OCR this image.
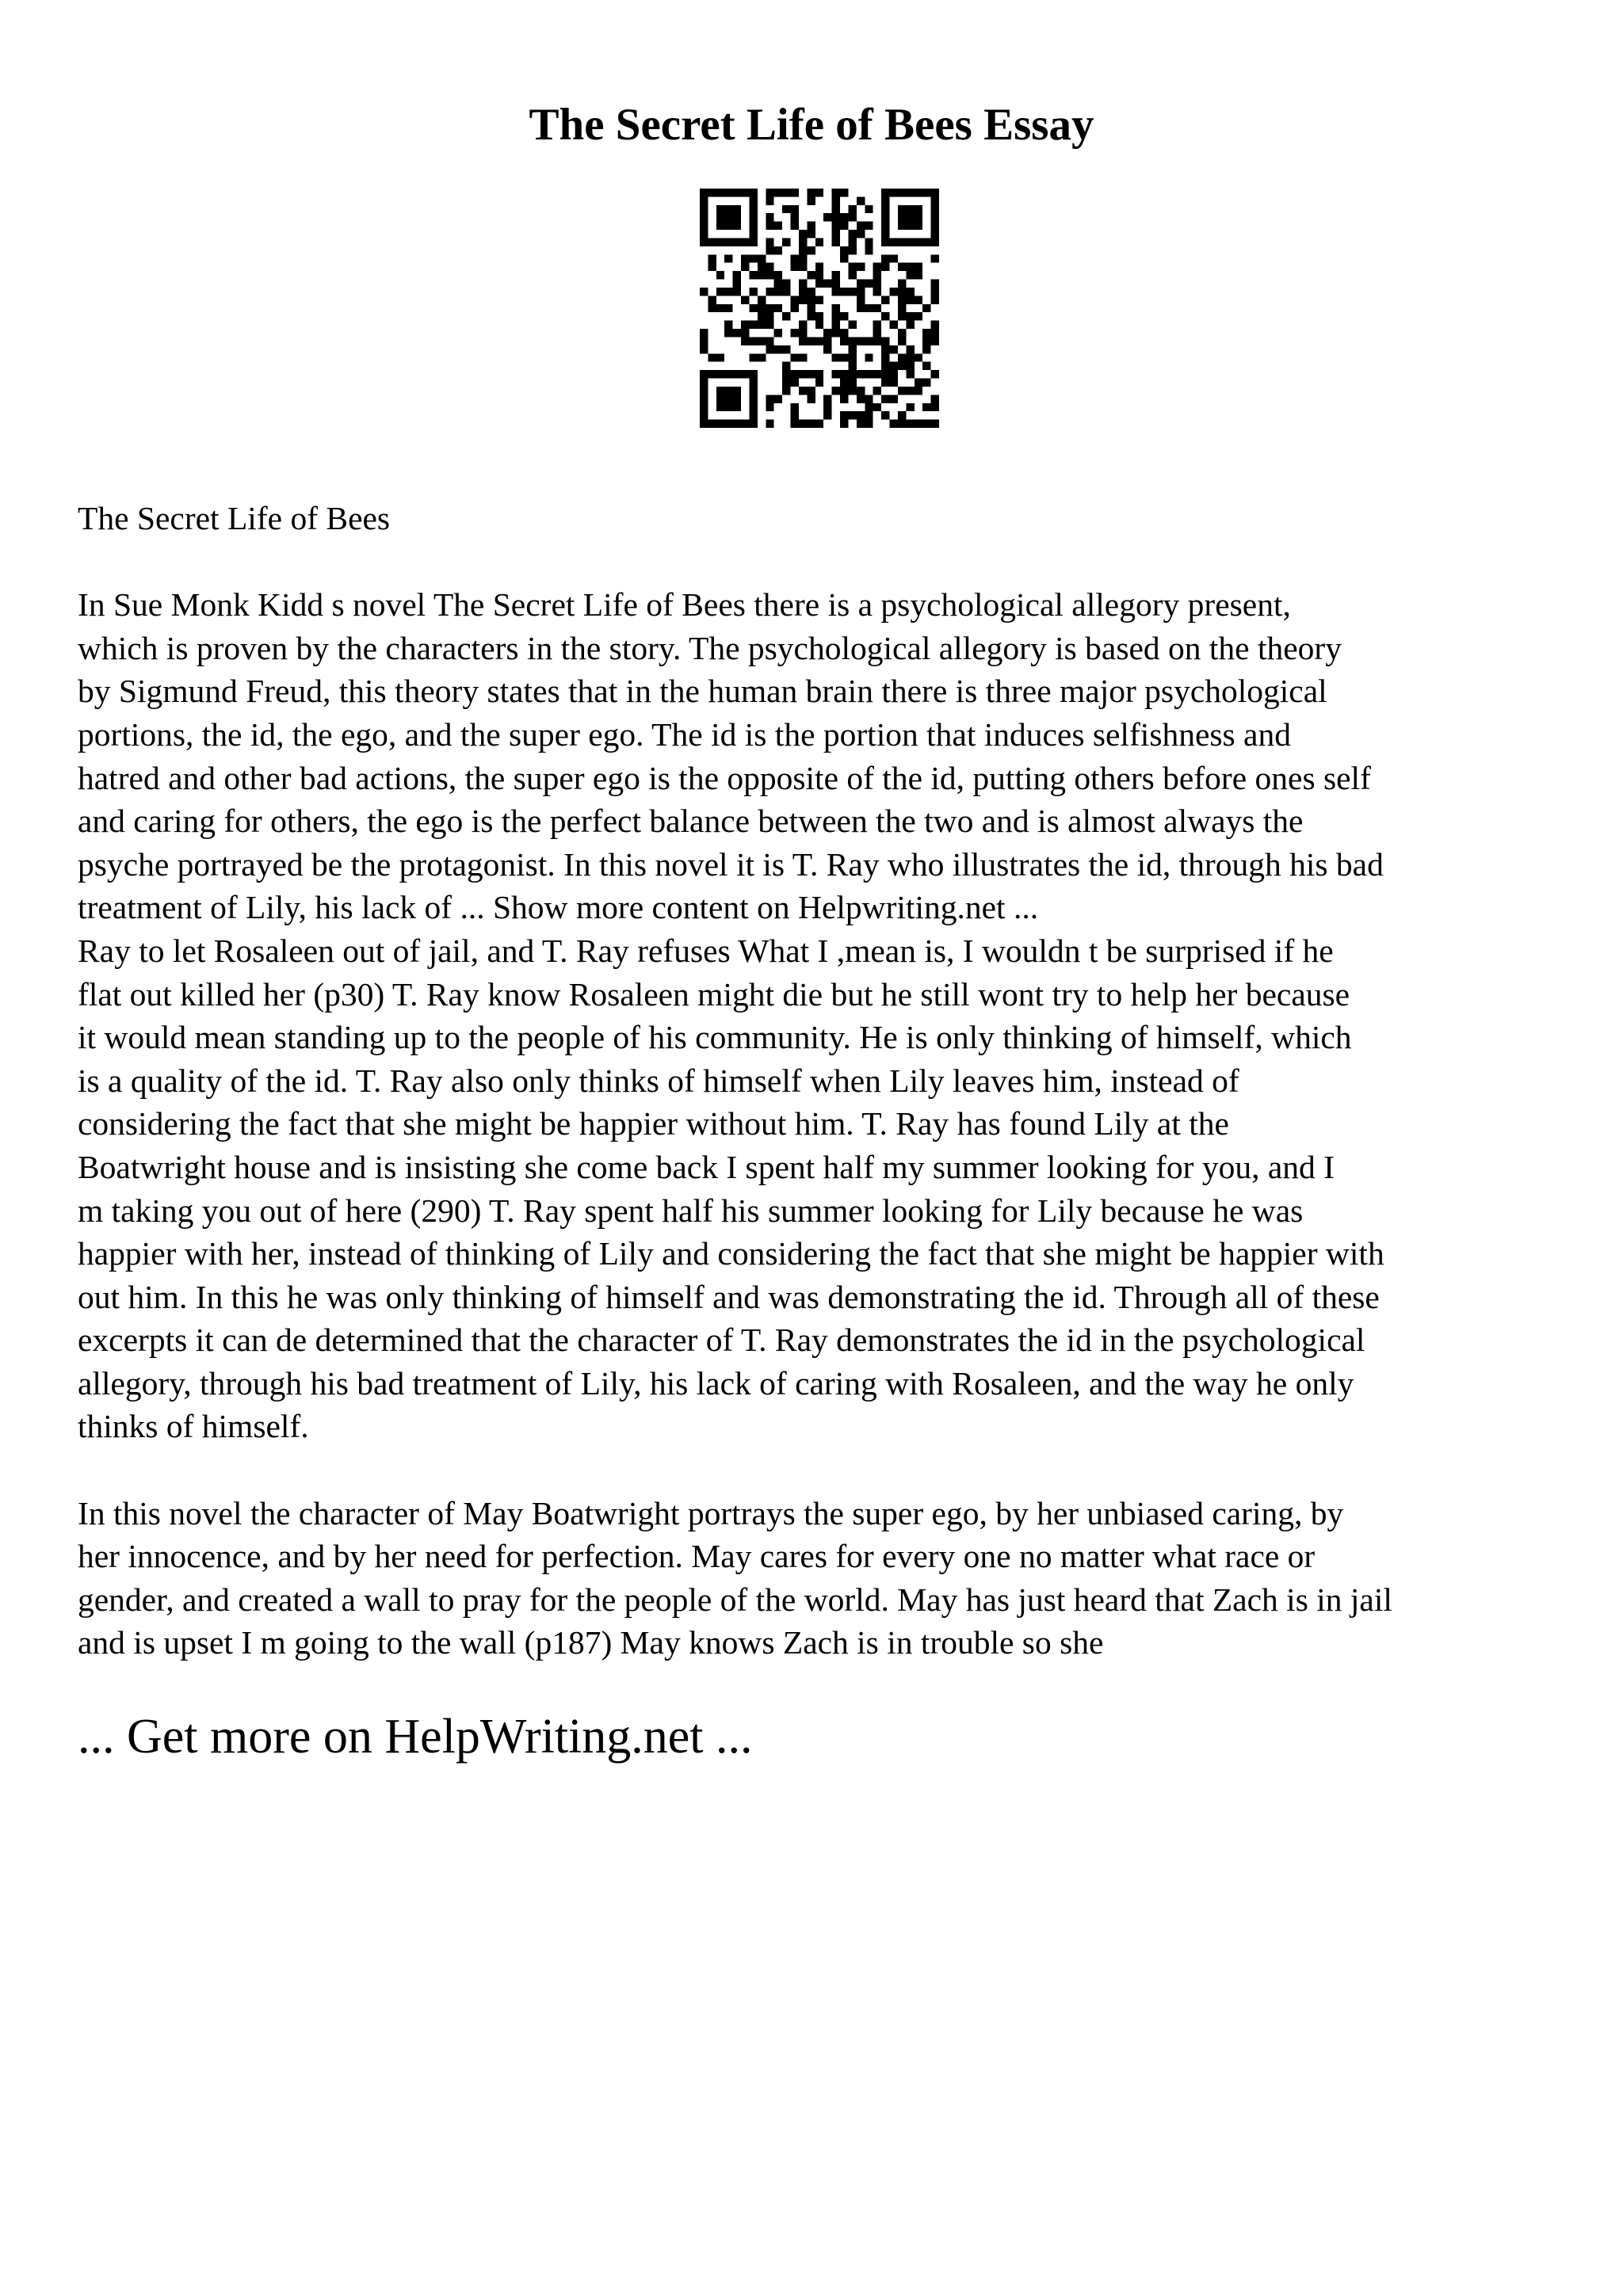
The Secret Life of Bees Essay
The Secret Life of Bees
In Sue Monk Kidd s novel The Secret Life of Bees there is a psychological allegory present,
which is proven by the characters in the story. The psychological allegory is based on the theory
by Sigmund Freud, this theory states that in the human brain there is three major psychological
portions, the id, the ego, and the super ego. The id is the portion that induces selfishness and
hatred and other bad actions, the super ego is the opposite of the id, putting others before ones self
and caring for others, the ego is the perfect balance between the two and is almost always the
psyche portrayed be the protagonist. In this novel it is T. Ray who illustrates the id, through his bad
treatment of Lily, his lack of ... Show more content on Helpwriting.net ...
Ray to let Rosaleen out of jail, and T. Ray refuses What I ,mean is, I wouldn t be surprised if he
flat out killed her (p30) T. Ray know Rosaleen might die but he still wont try to help her because
it would mean standing up to the people of his community. He is only thinking of himself, which
is a quality of the id. T. Ray also only thinks of himself when Lily leaves him, instead of
considering the fact that she might be happier without him. T. Ray has found Lily at the
Boatwright house and is insisting she come back I spent half my summer looking for you, and I
m taking you out of here (290) T. Ray spent half his summer looking for Lily because he was
happier with her, instead of thinking of Lily and considering the fact that she might be happier with
out him. In this he was only thinking of himself and was demonstrating the id. Through all of these
excerpts it can de determined that the character of T. Ray demonstrates the id in the psychological
allegory, through his bad treatment of Lily, his lack of caring with Rosaleen, and the way he only
thinks of himself.
In this novel the character of May Boatwright portrays the super ego, by her unbiased caring, by
her innocence, and by her need for perfection. May cares for every one no matter what race or
gender, and created a wall to pray for the people of the world. May has just heard that Zach is in jail
and is upset I m going to the wall (p187) May knows Zach is in trouble so she
... Get more on HelpWriting.net ...
